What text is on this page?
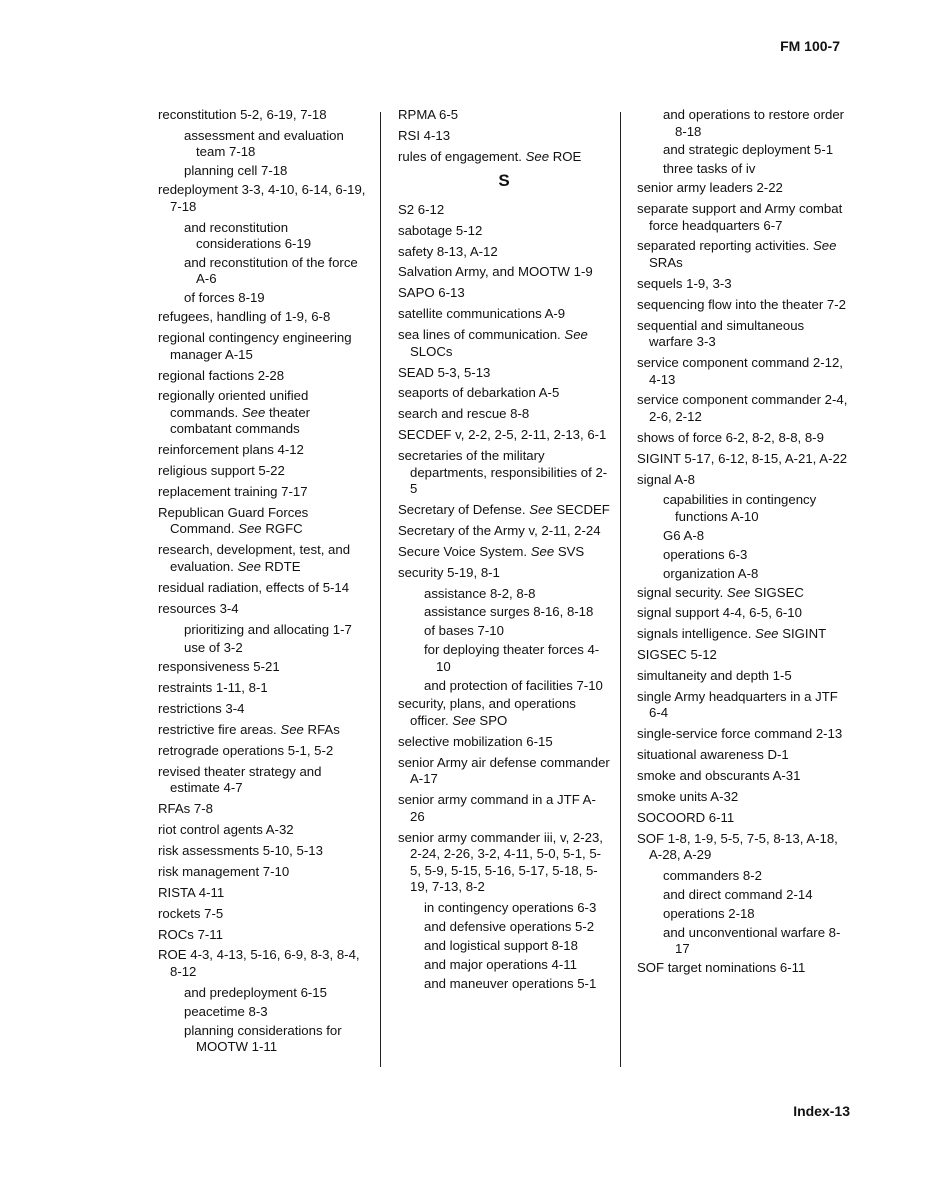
FM 100-7
reconstitution 5-2, 6-19, 7-18
assessment and evaluation team 7-18
planning cell 7-18
redeployment 3-3, 4-10, 6-14, 6-19, 7-18
and reconstitution considerations 6-19
and reconstitution of the force A-6
of forces 8-19
refugees, handling of 1-9, 6-8
regional contingency engineering manager A-15
regional factions 2-28
regionally oriented unified commands. See theater combatant commands
reinforcement plans 4-12
religious support 5-22
replacement training 7-17
Republican Guard Forces Command. See RGFC
research, development, test, and evaluation. See RDTE
residual radiation, effects of 5-14
resources 3-4
prioritizing and allocating 1-7
use of 3-2
responsiveness 5-21
restraints 1-11, 8-1
restrictions 3-4
restrictive fire areas. See RFAs
retrograde operations 5-1, 5-2
revised theater strategy and estimate 4-7
RFAs 7-8
riot control agents A-32
risk assessments 5-10, 5-13
risk management 7-10
RISTA 4-11
rockets 7-5
ROCs 7-11
ROE 4-3, 4-13, 5-16, 6-9, 8-3, 8-4, 8-12
and predeployment 6-15
peacetime 8-3
planning considerations for MOOTW 1-11
RPMA 6-5
RSI 4-13
rules of engagement. See ROE
S
S2 6-12
sabotage 5-12
safety 8-13, A-12
Salvation Army, and MOOTW 1-9
SAPO 6-13
satellite communications A-9
sea lines of communication. See SLOCs
SEAD 5-3, 5-13
seaports of debarkation A-5
search and rescue 8-8
SECDEF v, 2-2, 2-5, 2-11, 2-13, 6-1
secretaries of the military departments, responsibilities of 2-5
Secretary of Defense. See SECDEF
Secretary of the Army v, 2-11, 2-24
Secure Voice System. See SVS
security 5-19, 8-1
assistance 8-2, 8-8
assistance surges 8-16, 8-18
of bases 7-10
for deploying theater forces 4-10
and protection of facilities 7-10
security, plans, and operations officer. See SPO
selective mobilization 6-15
senior Army air defense commander A-17
senior army command in a JTF A-26
senior army commander iii, v, 2-23, 2-24, 2-26, 3-2, 4-11, 5-0, 5-1, 5-5, 5-9, 5-15, 5-16, 5-17, 5-18, 5-19, 7-13, 8-2
in contingency operations 6-3
and defensive operations 5-2
and logistical support 8-18
and major operations 4-11
and maneuver operations 5-1
and operations to restore order 8-18
and strategic deployment 5-1
three tasks of iv
senior army leaders 2-22
separate support and Army combat force headquarters 6-7
separated reporting activities. See SRAs
sequels 1-9, 3-3
sequencing flow into the theater 7-2
sequential and simultaneous warfare 3-3
service component command 2-12, 4-13
service component commander 2-4, 2-6, 2-12
shows of force 6-2, 8-2, 8-8, 8-9
SIGINT 5-17, 6-12, 8-15, A-21, A-22
signal A-8
capabilities in contingency functions A-10
G6 A-8
operations 6-3
organization A-8
signal security. See SIGSEC
signal support 4-4, 6-5, 6-10
signals intelligence. See SIGINT
SIGSEC 5-12
simultaneity and depth 1-5
single Army headquarters in a JTF 6-4
single-service force command 2-13
situational awareness D-1
smoke and obscurants A-31
smoke units A-32
SOCOORD 6-11
SOF 1-8, 1-9, 5-5, 7-5, 8-13, A-18, A-28, A-29
commanders 8-2
and direct command 2-14
operations 2-18
and unconventional warfare 8-17
SOF target nominations 6-11
Index-13
